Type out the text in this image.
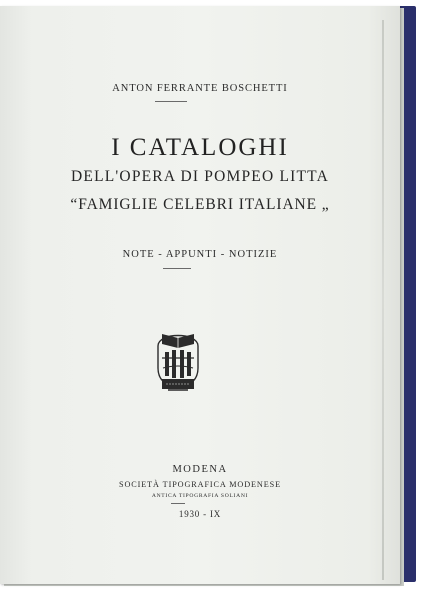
ANTON FERRANTE BOSCHETTI
I CATALOGHI
DELL'OPERA DI POMPEO LITTA
“FAMIGLIE CELEBRI ITALIANE „
NOTE - APPUNTI - NOTIZIE
MODENA
SOCIETÀ TIPOGRAFICA MODENESE
ANTICA TIPOGRAFIA SOLIANI
1930 - IX
